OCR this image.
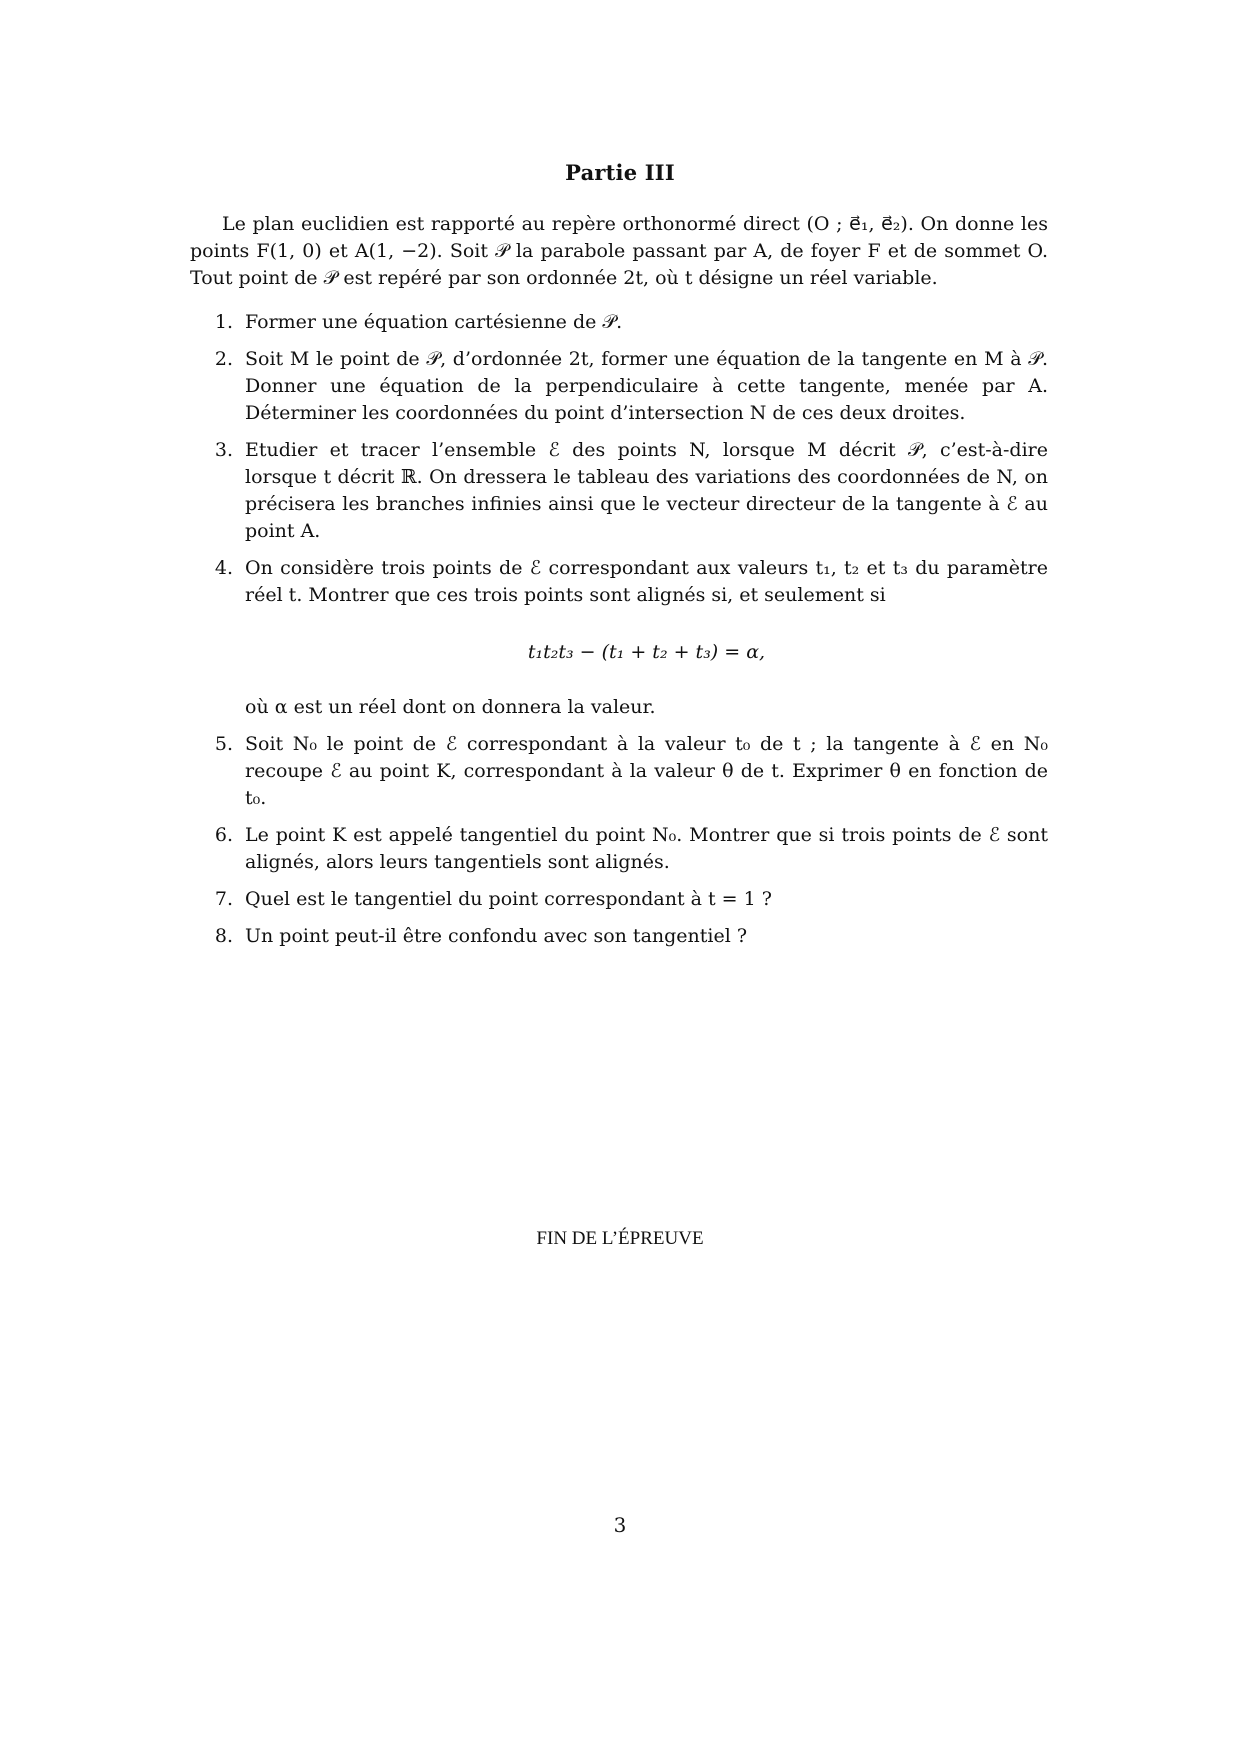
Partie III

Le plan euclidien est rapporté au repère orthonormé direct (O ; e⃗₁, e⃗₂). On donne les points F(1, 0) et A(1, −2). Soit 𝒫 la parabole passant par A, de foyer F et de sommet O. Tout point de 𝒫 est repéré par son ordonnée 2t, où t désigne un réel variable.

1. Former une équation cartésienne de 𝒫.
2. Soit M le point de 𝒫, d’ordonnée 2t, former une équation de la tangente en M à 𝒫. Donner une équation de la perpendiculaire à cette tangente, menée par A. Déterminer les coordonnées du point d’intersection N de ces deux droites.
3. Etudier et tracer l’ensemble ℰ des points N, lorsque M décrit 𝒫, c’est-à-dire lorsque t décrit ℝ. On dressera le tableau des variations des coordonnées de N, on précisera les branches infinies ainsi que le vecteur directeur de la tangente à ℰ au point A.
4. On considère trois points de ℰ correspondant aux valeurs t₁, t₂ et t₃ du paramètre réel t. Montrer que ces trois points sont alignés si, et seulement si
t₁t₂t₃ − (t₁ + t₂ + t₃) = α,
où α est un réel dont on donnera la valeur.
5. Soit N₀ le point de ℰ correspondant à la valeur t₀ de t ; la tangente à ℰ en N₀ recoupe ℰ au point K, correspondant à la valeur θ de t. Exprimer θ en fonction de t₀.
6. Le point K est appelé tangentiel du point N₀. Montrer que si trois points de ℰ sont alignés, alors leurs tangentiels sont alignés.
7. Quel est le tangentiel du point correspondant à t = 1 ?
8. Un point peut-il être confondu avec son tangentiel ?
FIN DE L’ÉPREUVE
3
